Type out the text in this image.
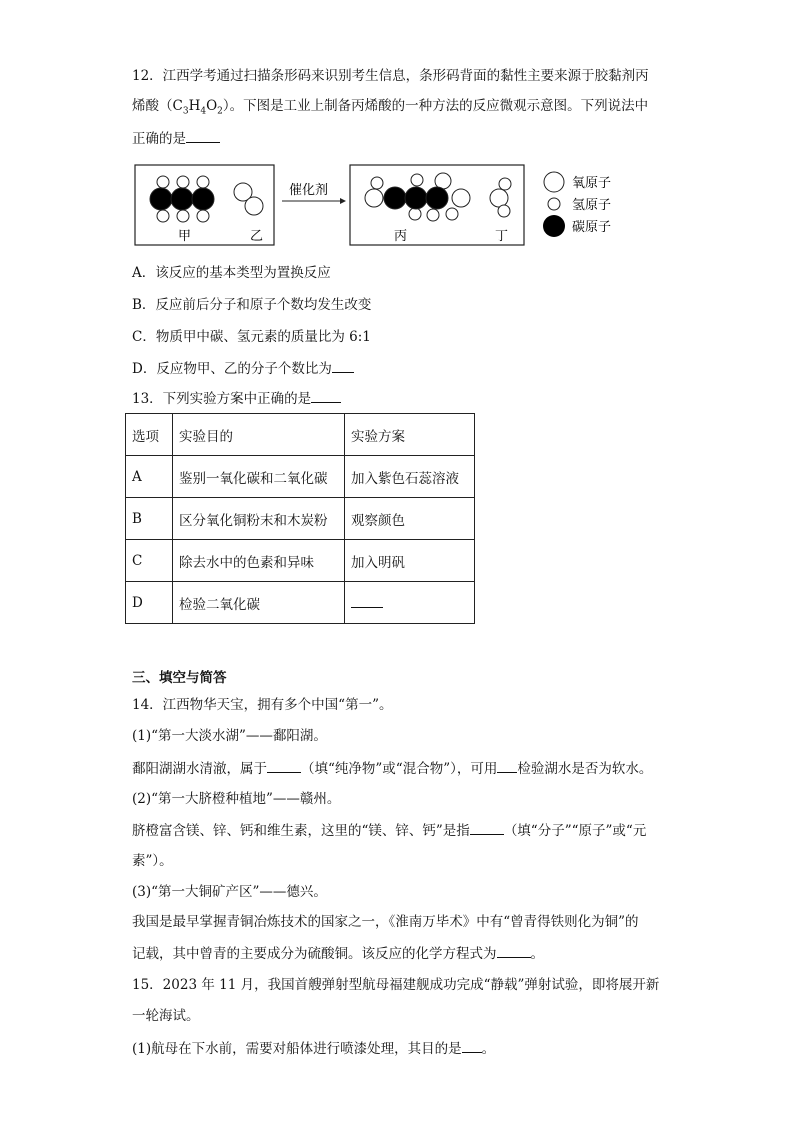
12．江西学考通过扫描条形码来识别考生信息，条形码背面的黏性主要来源于胶黏剂丙
烯酸$(C_3H_4O_2)$。下图是工业上制备丙烯酸的一种方法的反应微观示意图。下列说法中
正确的是
甲	乙
催化剂
丙	丁
氧原子
氢原子
碳原子
A．该反应的基本类型为置换反应
B．反应前后分子和原子个数均发生改变
C．物质甲中碳、氢元素的质量比为 6:1
D．反应物甲、乙的分子个数比为
13．下列实验方案中正确的是
选项	实验目的	实验方案
A	鉴别一氧化碳和二氧化碳	加入紫色石蕊溶液
B	区分氧化铜粉末和木炭粉	观察颜色
C	除去水中的色素和异味	加入明矾
D	检验二氧化碳	
三、填空与简答
14．江西物华天宝，拥有多个中国“第一”。
(1)“第一大淡水湖”——鄱阳湖。
鄱阳湖湖水清澈，属于	（填“纯净物”或“混合物”），可用 检验湖水是否为软水。
(2)“第一大脐橙种植地”——赣州。
脐橙富含镁、锌、钙和维生素，这里的“镁、锌、钙”是指	（填“分子”“原子”或“元
素”）。
(3)“第一大铜矿产区”——德兴。
我国是最早掌握青铜冶炼技术的国家之一，《淮南万毕术》中有“曾青得铁则化为铜”的
记载，其中曾青的主要成分为硫酸铜。该反应的化学方程式为	。
15．2023 年 11 月，我国首艘弹射型航母福建舰成功完成“静载”弹射试验，即将展开新
一轮海试。
(1)航母在下水前，需要对船体进行喷漆处理，其目的是 。
